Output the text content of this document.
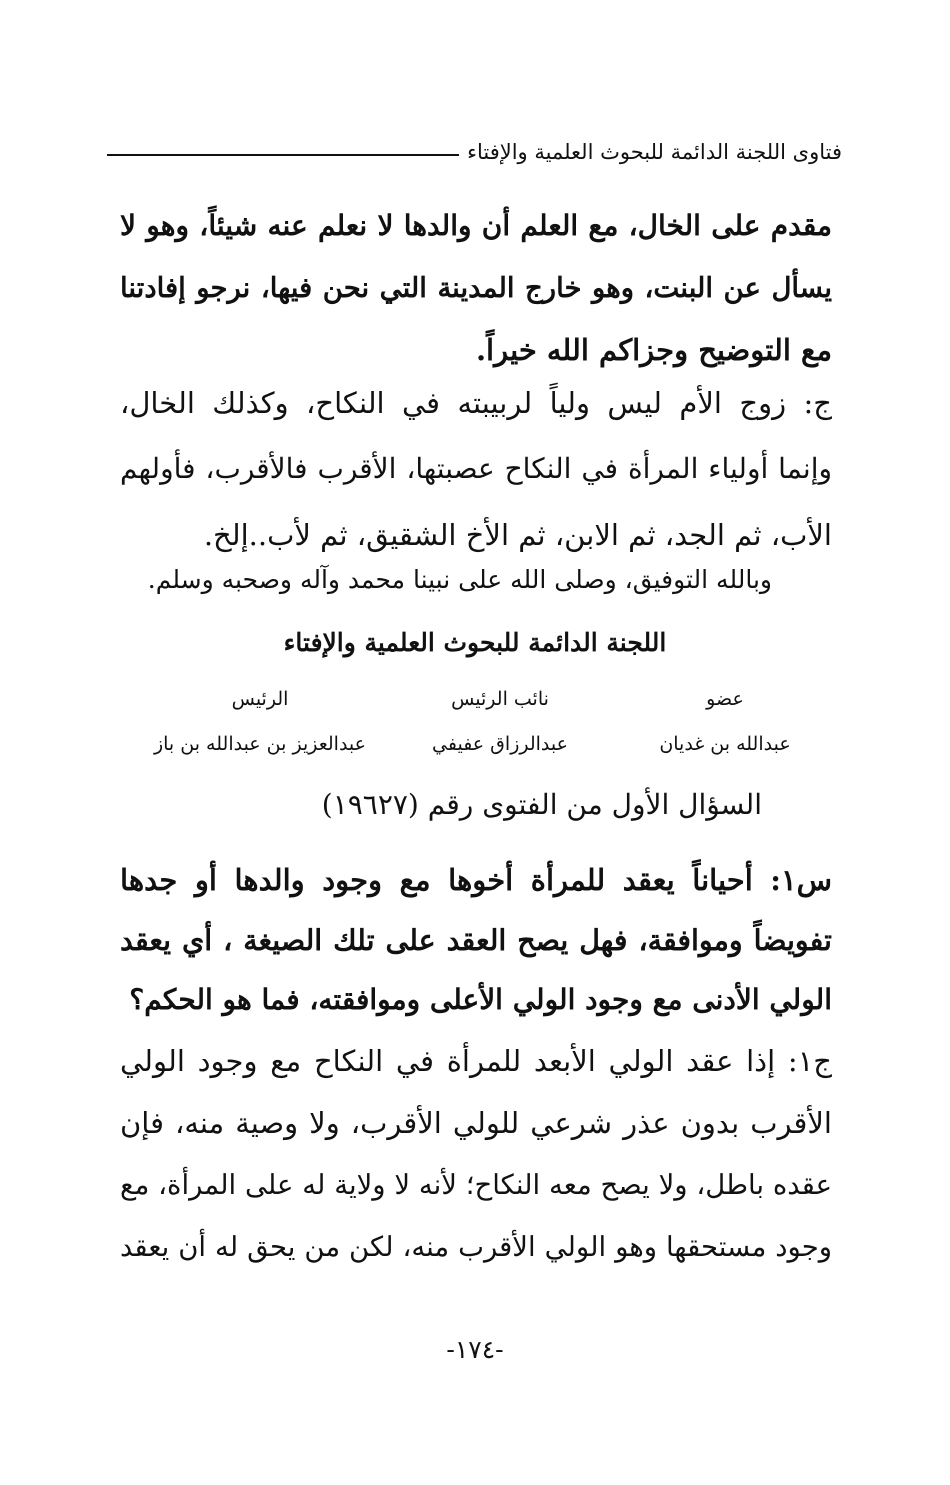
فتاوى اللجنة الدائمة للبحوث العلمية والإفتاء
مقدم على الخال، مع العلم أن والدها لا نعلم عنه شيئاً، وهو لا
يسأل عن البنت، وهو خارج المدينة التي نحن فيها، نرجو إفادتنا
مع التوضيح وجزاكم الله خيراً.
ج: زوج الأم ليس ولياً لربيبته في النكاح، وكذلك الخال،
وإنما أولياء المرأة في النكاح عصبتها، الأقرب فالأقرب، فأولهم
الأب، ثم الجد، ثم الابن، ثم الأخ الشقيق، ثم لأب..إلخ.
وبالله التوفيق، وصلى الله على نبينا محمد وآله وصحبه وسلم.
اللجنة الدائمة للبحوث العلمية والإفتاء
الرئيس	نائب الرئيس	عضو
عبدالعزيز بن عبدالله بن باز	عبدالرزاق عفيفي	عبدالله بن غديان
السؤال الأول من الفتوى رقم (١٩٦٢٧)
س١: أحياناً يعقد للمرأة أخوها مع وجود والدها أو جدها
تفويضاً وموافقة، فهل يصح العقد على تلك الصيغة ، أي يعقد
الولي الأدنى مع وجود الولي الأعلى وموافقته، فما هو الحكم؟
ج١: إذا عقد الولي الأبعد للمرأة في النكاح مع وجود الولي
الأقرب بدون عذر شرعي للولي الأقرب، ولا وصية منه، فإن
عقده باطل، ولا يصح معه النكاح؛ لأنه لا ولاية له على المرأة، مع
وجود مستحقها وهو الولي الأقرب منه، لكن من يحق له أن يعقد
-١٧٤-
